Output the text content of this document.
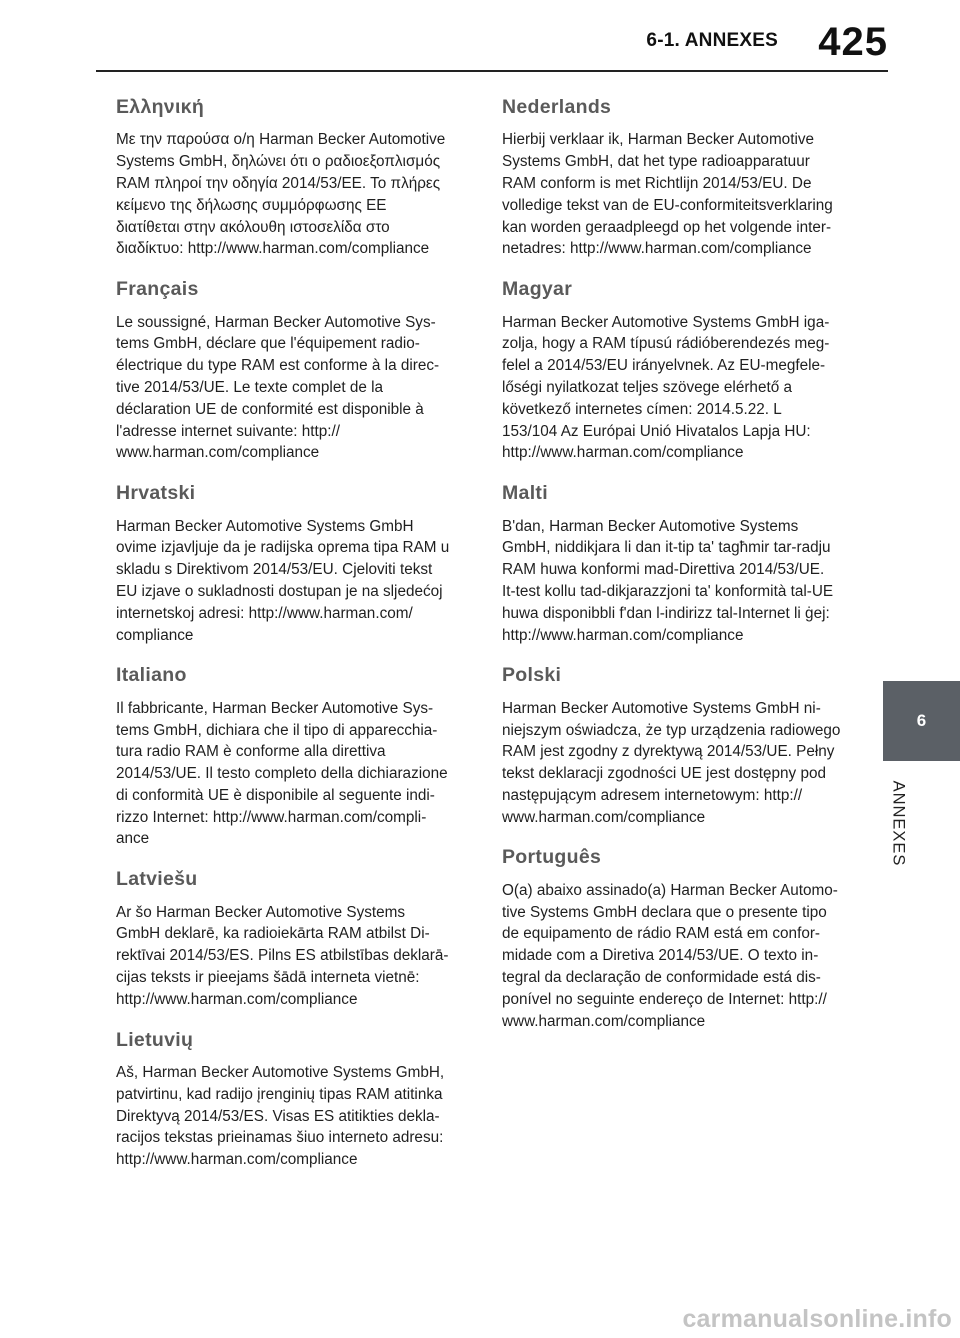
6-1. ANNEXES 425
Ελληνική

Με την παρούσα ο/η Harman Becker Automotive
Systems GmbH, δηλώνει ότι ο ραδιοεξοπλισμός
RAM πληροί την οδηγία 2014/53/ΕΕ. Το πλήρες
κείμενο της δήλωσης συμμόρφωσης ΕΕ
διατίθεται στην ακόλουθη ιστοσελίδα στο
διαδίκτυο: http://www.harman.com/compliance

Français

Le soussigné, Harman Becker Automotive Sys-
tems GmbH, déclare que l'équipement radio-
électrique du type RAM est conforme à la direc-
tive 2014/53/UE. Le texte complet de la
déclaration UE de conformité est disponible à
l'adresse internet suivante: http://
www.harman.com/compliance

Hrvatski

Harman Becker Automotive Systems GmbH
ovime izjavljuje da je radijska oprema tipa RAM u
skladu s Direktivom 2014/53/EU. Cjeloviti tekst
EU izjave o sukladnosti dostupan je na sljedećoj
internetskoj adresi: http://www.harman.com/
compliance

Italiano

Il fabbricante, Harman Becker Automotive Sys-
tems GmbH, dichiara che il tipo di apparecchia-
tura radio RAM è conforme alla direttiva
2014/53/UE. Il testo completo della dichiarazione
di conformità UE è disponibile al seguente indi-
rizzo Internet: http://www.harman.com/compli-
ance

Latviešu

Ar šo Harman Becker Automotive Systems
GmbH deklarē, ka radioiekārta RAM atbilst Di-
rektīvai 2014/53/ES. Pilns ES atbilstības deklarā-
cijas teksts ir pieejams šādā interneta vietnē:
http://www.harman.com/compliance

Lietuvių

Aš, Harman Becker Automotive Systems GmbH,
patvirtinu, kad radijo įrenginių tipas RAM atitinka
Direktyvą 2014/53/ES. Visas ES atitikties dekla-
racijos tekstas prieinamas šiuo interneto adresu:
http://www.harman.com/compliance

Nederlands

Hierbij verklaar ik, Harman Becker Automotive
Systems GmbH, dat het type radioapparatuur
RAM conform is met Richtlijn 2014/53/EU. De
volledige tekst van de EU-conformiteitsverklaring
kan worden geraadpleegd op het volgende inter-
netadres: http://www.harman.com/compliance

Magyar

Harman Becker Automotive Systems GmbH iga-
zolja, hogy a RAM típusú rádióberendezés meg-
felel a 2014/53/EU irányelvnek. Az EU-megfele-
lőségi nyilatkozat teljes szövege elérhető a
következő internetes címen: 2014.5.22. L
153/104 Az Európai Unió Hivatalos Lapja HU:
http://www.harman.com/compliance

Malti

B'dan, Harman Becker Automotive Systems
GmbH, niddikjara li dan it-tip ta' tagħmir tar-radju
RAM huwa konformi mad-Direttiva 2014/53/UE.
It-test kollu tad-dikjarazzjoni ta' konformità tal-UE
huwa disponibbli f'dan l-indirizz tal-Internet li ġej:
http://www.harman.com/compliance

Polski

Harman Becker Automotive Systems GmbH ni-
niejszym oświadcza, że typ urządzenia radiowego
RAM jest zgodny z dyrektywą 2014/53/UE. Pełny
tekst deklaracji zgodności UE jest dostępny pod
następującym adresem internetowym: http://
www.harman.com/compliance

Português

O(a) abaixo assinado(a) Harman Becker Automo-
tive Systems GmbH declara que o presente tipo
de equipamento de rádio RAM está em confor-
midade com a Diretiva 2014/53/UE. O texto in-
tegral da declaração de conformidade está dis-
ponível no seguinte endereço de Internet: http://
www.harman.com/compliance

6
ANNEXES
carmanualsonline.info
